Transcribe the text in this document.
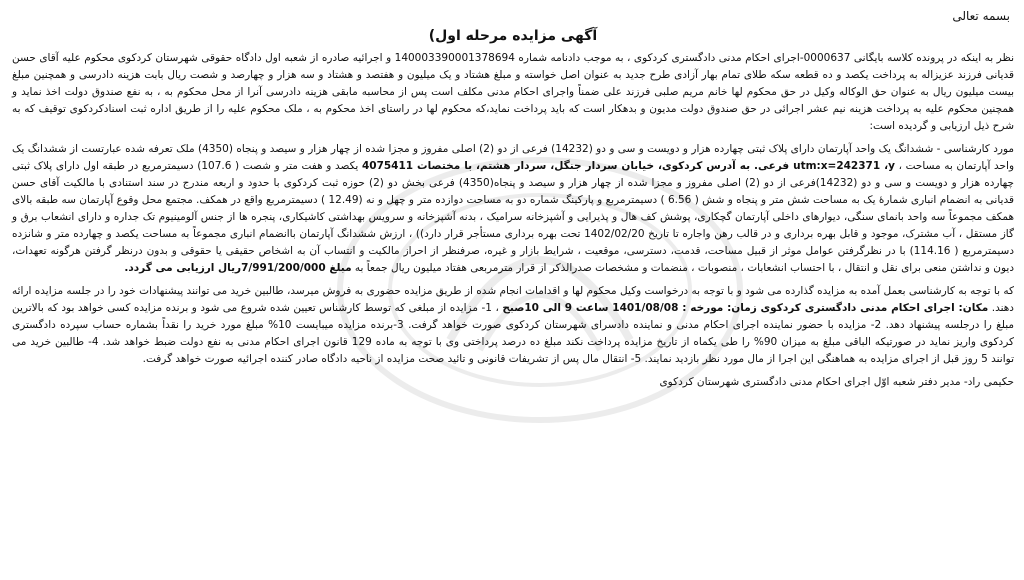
بسمه تعالی
آگهی مزایده مرحله اول)

نظر به اینکه در پرونده کلاسه بایگانی 0000637-اجرای احکام مدنی دادگستری کردکوی ، به موجب دادنامه شماره 140003390001378694 و اجرائیه صادره از شعبه اول دادگاه حقوقی شهرستان کردکوی محکوم علیه آقای حسن قدیانی فرزند عزیزاله به پرداخت یکصد و ده قطعه سکه طلای تمام بهار آزادی طرح جدید به عنوان اصل خواسته و مبلغ هشتاد و یک میلیون و هفتصد و هشتاد و سه هزار و چهارصد و شصت ریال بابت هزینه دادرسی و همچنین مبلغ بیست میلیون ریال به عنوان حق الوکاله وکیل در حق محکوم لها خانم مریم صلبی فرزند علی ضمناً واجرای احکام مدنی مکلف است پس از محاسبه مابقی هزینه دادرسی آنرا از محل محکوم به ، به نفع صندوق دولت اخذ نماید و همچنین محکوم علیه به پرداخت هزینه نیم عشر اجرائی در حق صندوق دولت مدیون و بدهکار است که باید پرداخت نماید،که محکوم لها در راستای اخذ محکوم به ، ملک محکوم علیه را از طریق اداره ثبت اسنادکردکوی توقیف که به شرح ذیل ارزیابی و گردیده است:

مورد کارشناسی - ششدانگ یک واحد آپارتمان دارای پلاک ثبتی چهارده هزار و دویست و سی و دو (14232) فرعی از دو (2) اصلی مفروز و مجزا شده از چهار هزار و سیصد و پنجاه (4350) ملک تعرفه شده عبارتست از ششدانگ یک واحد آپارتمان به مساحت ، utm:x=242371 ،y فرعی. به آدرس کردکوی، خیابان سردار جنگل، سردار هشتم، با مختصات 4075411 یکصد و هفت متر و شصت ( 107.6) دسیمترمربع در طبقه اول دارای پلاک ثبتی چهارده هزار و دویست و سی و دو (14232)فرعی از دو (2) اصلی مفروز و مجزا شده از چهار هزار و سیصد و پنجاه(4350) فرعی بخش دو (2) حوزه ثبت کردکوی با حدود و اربعه مندرج در سند استنادی با مالکیت آقای حسن قدیانی به انضمام انباری شمارهٔ یک به مساحت شش متر و پنجاه و شش ( 6.56 ) دسیمترمربع و پارکینگ شماره دو به مساحت دوازده متر و چهل و نه (12.49 ) دسیمترمربع واقع در همکف. مجتمع محل وقوع آپارتمان سه طبقه بالای همکف مجموعاً سه واحد بانمای سنگی، دیوارهای داخلی آپارتمان گچکاری، پوشش کف هال و پذیرایی و آشپزخانه سرامیک ، بدنه آشپزخانه و سرویس بهداشتی کاشیکاری، پنجره ها از جنس آلومینیوم تک جداره و دارای انشعاب برق و گاز مستقل ، آب مشترک، موجود و قابل بهره برداری و در قالب رهن واجاره تا تاریخ 1402/02/20 تحت بهره برداری مستأجر قرار دارد)) ، ارزش ششدانگ آپارتمان باانضمام انباری مجموعاً به مساحت یکصد و چهارده متر و شانزده دسیمترمربع ( 114.16) با در نظرگرفتن عوامل موثر از قبیل مساحت، قدمت، دسترسی، موقعیت ، شرایط بازار و غیره، صرفنظر از احراز مالکیت و انتساب آن به اشخاص حقیقی یا حقوقی و بدون درنظر گرفتن هرگونه تعهدات، دیون و نداشتن منعی برای نقل و انتقال ، با احتساب انشعابات ، منصوبات ، منضمات و مشخصات صدرالذکر از قرار مترمربعی هفتاد میلیون ریال جمعاً به مبلغ 7/991/200/000ریال ارزیابی می گردد.

که با توجه به کارشناسی بعمل آمده به مزایده گذارده می شود و با توجه به درخواست وکیل محکوم لها و اقدامات انجام شده از طریق مزایده حضوری به فروش میرسد، طالبین خرید می توانند پیشنهادات خود را در جلسه مزایده ارائه دهند. مکان: اجرای احکام مدنی دادگستری کردکوی زمان: مورخه : 1401/08/08 ساعت 9 الی 10صبح ، 1- مزایده از مبلغی که توسط کارشناس تعیین شده شروع می شود و برنده مزایده کسی خواهد بود که بالاترین مبلغ را درجلسه پیشنهاد دهد. 2- مزایده با حضور نماینده اجرای احکام مدنی و نماینده دادسرای شهرستان کردکوی صورت خواهد گرفت. 3-برنده مزایده میبایست 10% مبلغ مورد خرید را نقداً بشماره حساب سپرده دادگستری کردکوی واریز نماید در صورتیکه الباقی مبلغ به میزان 90% را طی یکماه از تاریخ مزایده پرداخت نکند مبلغ ده درصد پرداختی وی با توجه به ماده 129 قانون اجرای احکام مدنی به نفع دولت ضبط خواهد شد. 4- طالبین خرید می توانند 5 روز قبل از اجرای مزایده به هماهنگی این اجرا از مال مورد نظر بازدید نمایند. 5- انتقال مال پس از تشریفات قانونی و تائید صحت مزایده از ناحیه دادگاه صادر کننده اجرائیه صورت خواهد گرفت.

حکیمی راد- مدیر دفتر شعبه اوّل اجرای احکام مدنی دادگستری شهرستان کردکوی
